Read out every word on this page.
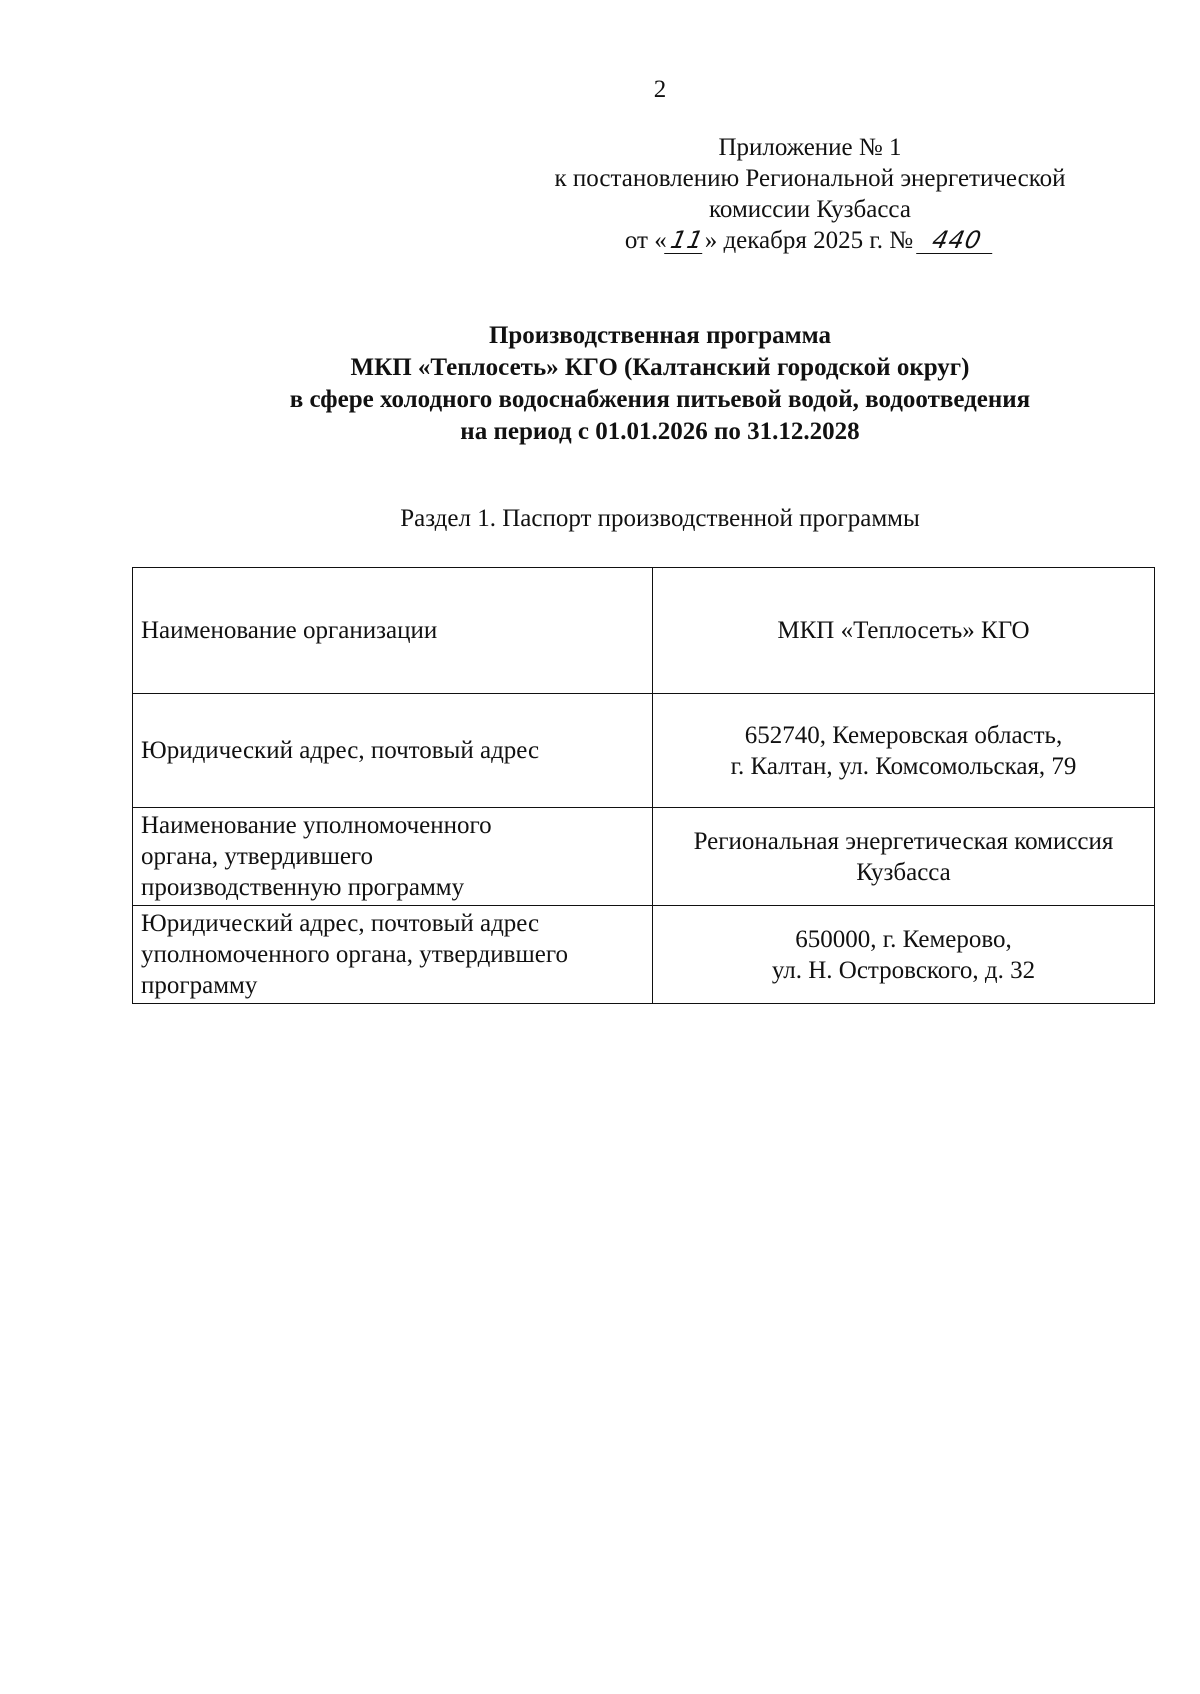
2
Приложение № 1
к постановлению Региональной энергетической
комиссии Кузбасса
от «11» декабря 2025 г. № 440
Производственная программа
МКП «Теплосеть» КГО (Калтанский городской округ)
в сфере холодного водоснабжения питьевой водой, водоотведения
на период с 01.01.2026 по 31.12.2028
Раздел 1. Паспорт производственной программы
Наименование организации	МКП «Теплосеть» КГО

Юридический адрес, почтовый адрес	652740, Кемеровская область,
г. Калтан, ул. Комсомольская, 79

Наименование уполномоченного
органа, утвердившего
производственную программу	Региональная энергетическая комиссия
Кузбасса

Юридический адрес, почтовый адрес
уполномоченного органа, утвердившего
программу	650000, г. Кемерово,
ул. Н. Островского, д. 32
